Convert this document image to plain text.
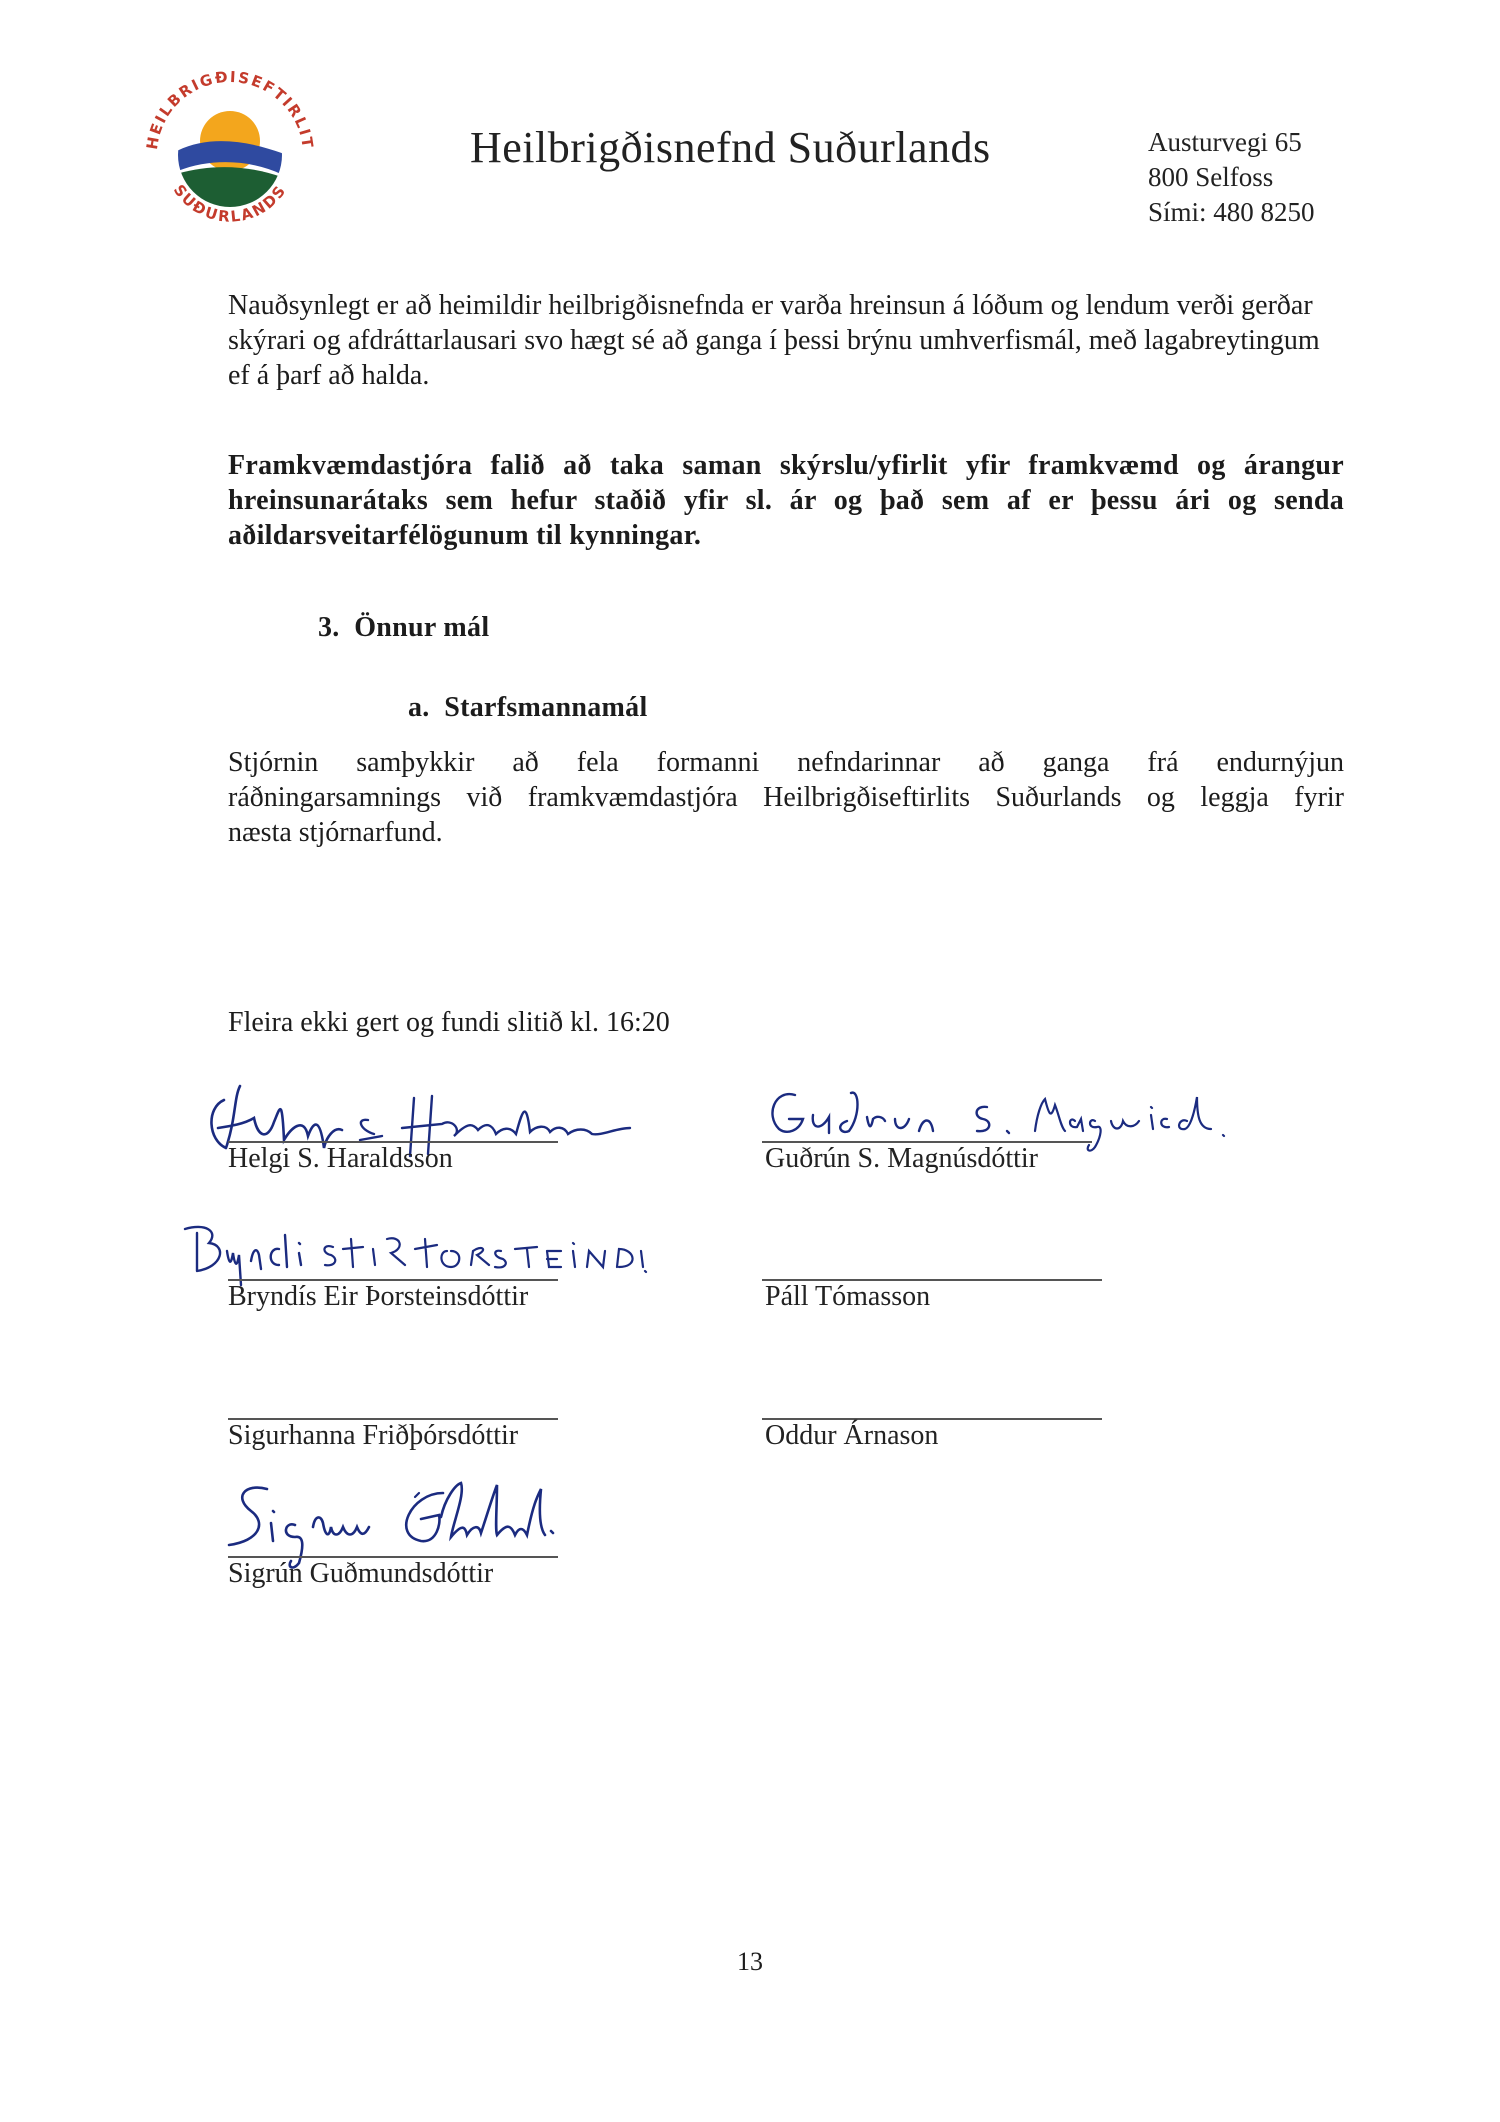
HEILBRIGÐISEFTIRLIT
SUÐURLANDS
Heilbrigðisnefnd Suðurlands	Austurvegi 65
800 Selfoss
Sími: 480 8250
Nauðsynlegt er að heimildir heilbrigðisnefnda er varða hreinsun á lóðum og lendum verði gerðar skýrari og afdráttarlausari svo hægt sé að ganga í þessi brýnu umhverfismál, með lagabreytingum ef á þarf að halda.
Framkvæmdastjóra falið að taka saman skýrslu/yfirlit yfir framkvæmd og árangur
hreinsunarátaks sem hefur staðið yfir sl. ár og það sem af er þessu ári og senda
aðildarsveitarfélögunum til kynningar.
3.  Önnur mál
a.  Starfsmannamál
Stjórnin samþykkir að fela formanni nefndarinnar að ganga frá endurnýjun
ráðningarsamnings við framkvæmdastjóra Heilbrigðiseftirlits Suðurlands og leggja fyrir
næsta stjórnarfund.
Fleira ekki gert og fundi slitið kl. 16:20
Helgi S. Haraldsson	Guðrún S. Magnúsdóttir
Bryndís Eir Þorsteinsdóttir	Páll Tómasson
Sigurhanna Friðþórsdóttir	Oddur Árnason
Sigrún Guðmundsdóttir
13
